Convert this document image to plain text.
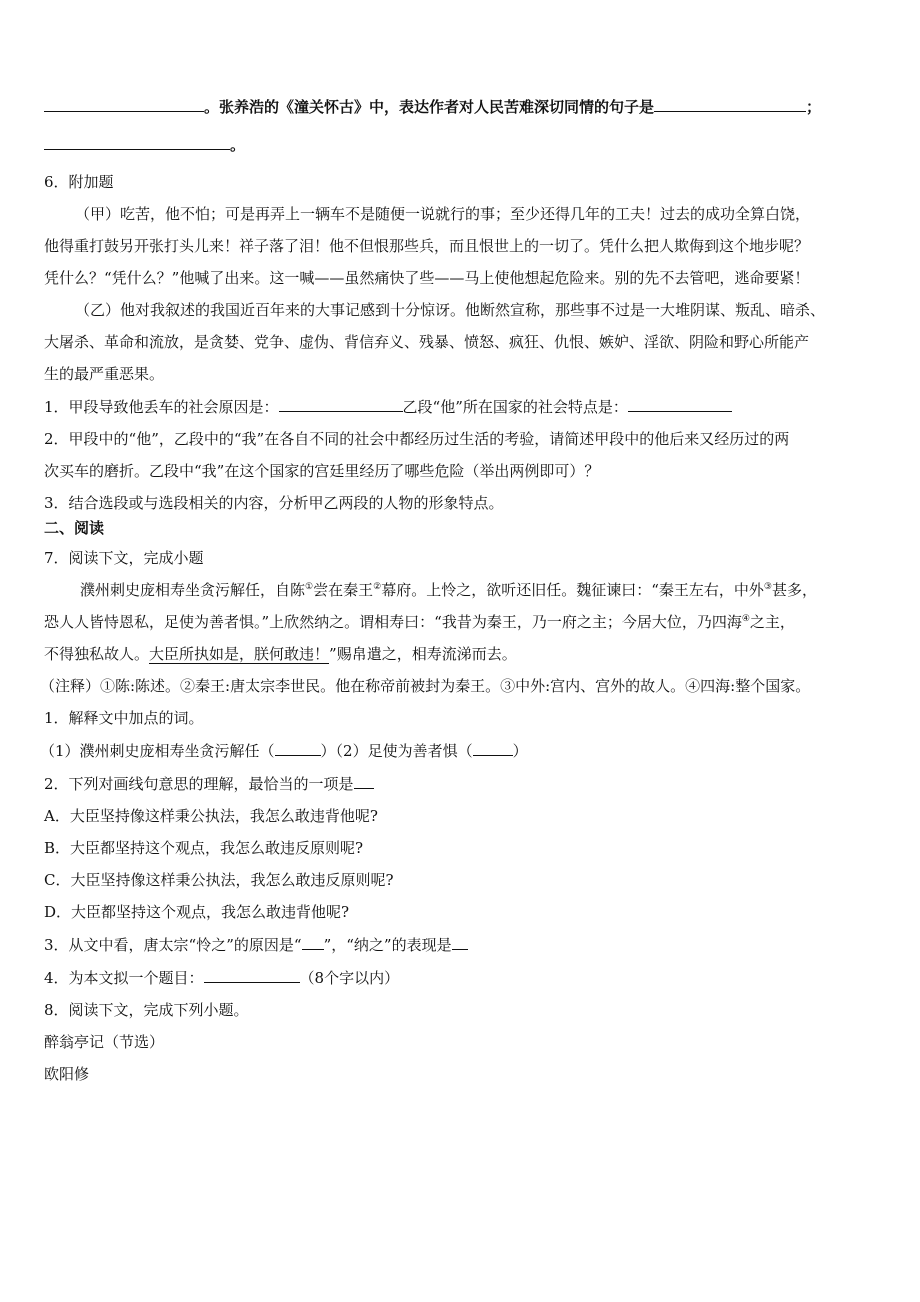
。张养浩的《潼关怀古》中，表达作者对人民苦难深切同情的句子是	；
。
6．附加题
（甲）吃苦，他不怕；可是再弄上一辆车不是随便一说就行的事；至少还得几年的工夫！过去的成功全算白饶，
他得重打鼓另开张打头儿来！祥子落了泪！他不但恨那些兵，而且恨世上的一切了。凭什么把人欺侮到这个地步呢？
凭什么？“凭什么？”他喊了出来。这一喊——虽然痛快了些——马上使他想起危险来。别的先不去管吧，逃命要紧！
（乙）他对我叙述的我国近百年来的大事记感到十分惊讶。他断然宣称，那些事不过是一大堆阴谋、叛乱、暗杀、
大屠杀、革命和流放，是贪婪、党争、虚伪、背信弃义、残暴、愤怒、疯狂、仇恨、嫉妒、淫欲、阴险和野心所能产
生的最严重恶果。
1．甲段导致他丢车的社会原因是：	乙段“他”所在国家的社会特点是：
2．甲段中的“他”，乙段中的“我”在各自不同的社会中都经历过生活的考验，请简述甲段中的他后来又经历过的两
次买车的磨折。乙段中“我”在这个国家的宫廷里经历了哪些危险（举出两例即可）？
3．结合选段或与选段相关的内容，分析甲乙两段的人物的形象特点。
二、阅读
7．阅读下文，完成小题
濮州刺史庞相寿坐贪污解任，自陈①尝在秦王②幕府。上怜之，欲听还旧任。魏征谏曰：“秦王左右，中外③甚多，
恐人人皆恃恩私，足使为善者惧。”上欣然纳之。谓相寿曰：“我昔为秦王，乃一府之主；今居大位，乃四海④之主，
不得独私故人。大臣所执如是，朕何敢违！”赐帛遣之，相寿流涕而去。
（注释）①陈:陈述。②秦王:唐太宗李世民。他在称帝前被封为秦王。③中外:宫内、宫外的故人。④四海:整个国家。
1．解释文中加点的词。
（1）濮州刺史庞相寿坐贪污解任（	）（2）足使为善者惧（	）
2．下列对画线句意思的理解，最恰当的一项是
A．大臣坚持像这样秉公执法，我怎么敢违背他呢?
B．大臣都坚持这个观点，我怎么敢违反原则呢?
C．大臣坚持像这样秉公执法，我怎么敢违反原则呢?
D．大臣都坚持这个观点，我怎么敢违背他呢?
3．从文中看，唐太宗“怜之”的原因是“ ”，“纳之”的表现是
4．为本文拟一个题目：	（8个字以内）
8．阅读下文，完成下列小题。
醉翁亭记（节选）
欧阳修
